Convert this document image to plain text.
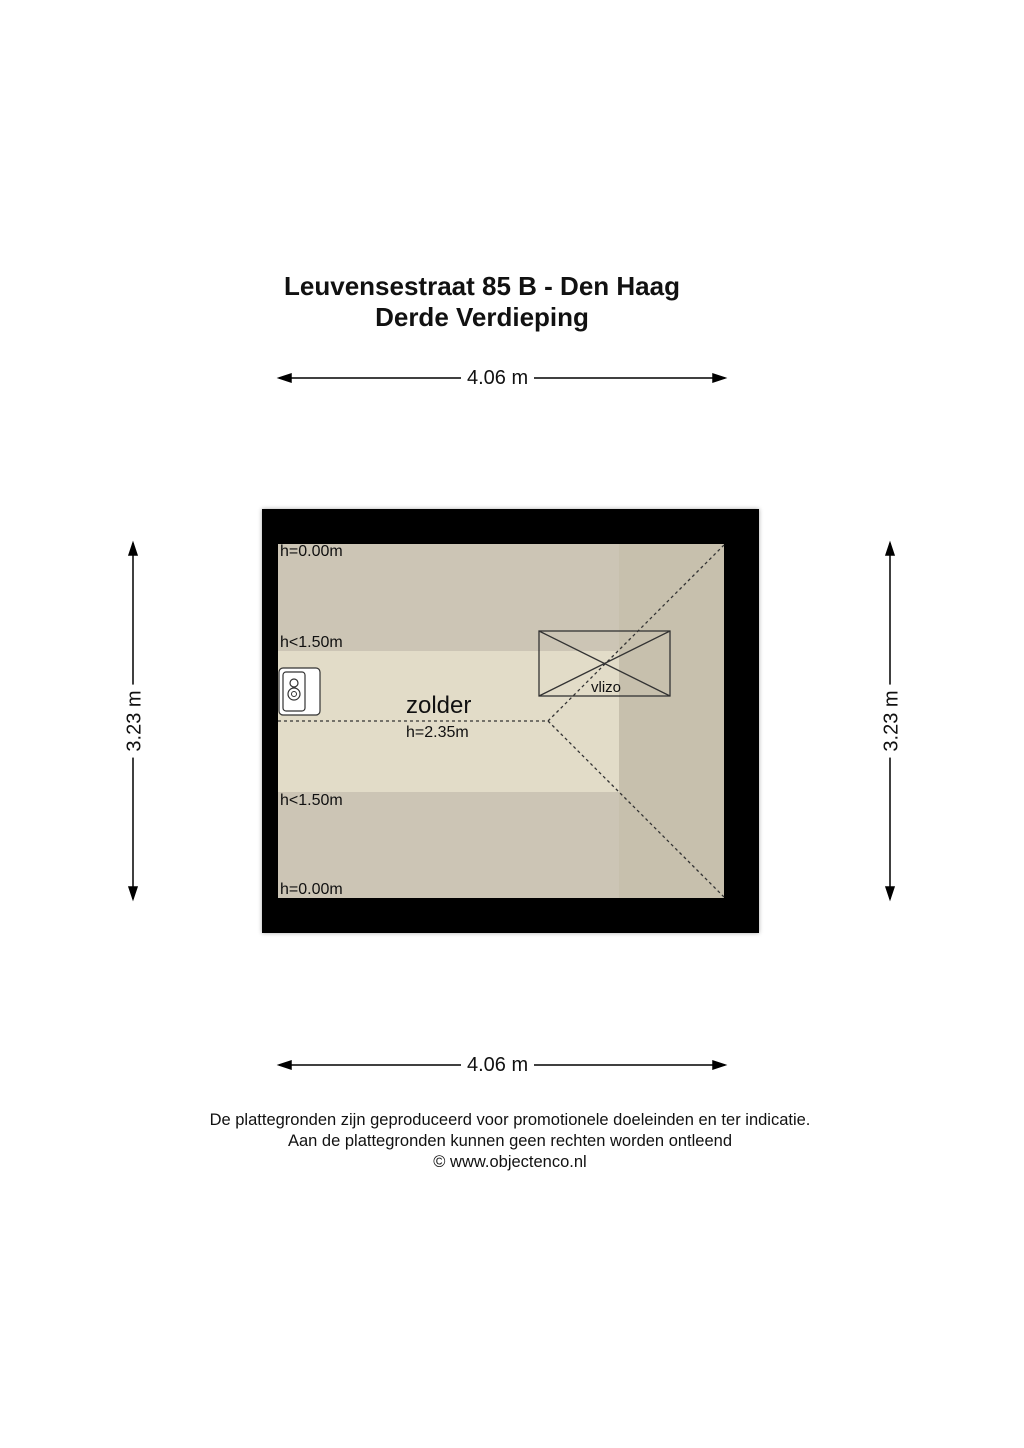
Leuvensestraat 85 B - Den Haag
Derde Verdieping
4.06 m
4.06 m
3.23 m	3.23 m
h=0.00m
h<1.50m
h<1.50m
h=0.00m
zolder
h=2.35m
vlizo
De plattegronden zijn geproduceerd voor promotionele doeleinden en ter indicatie.
Aan de plattegronden kunnen geen rechten worden ontleend
© www.objectenco.nl
